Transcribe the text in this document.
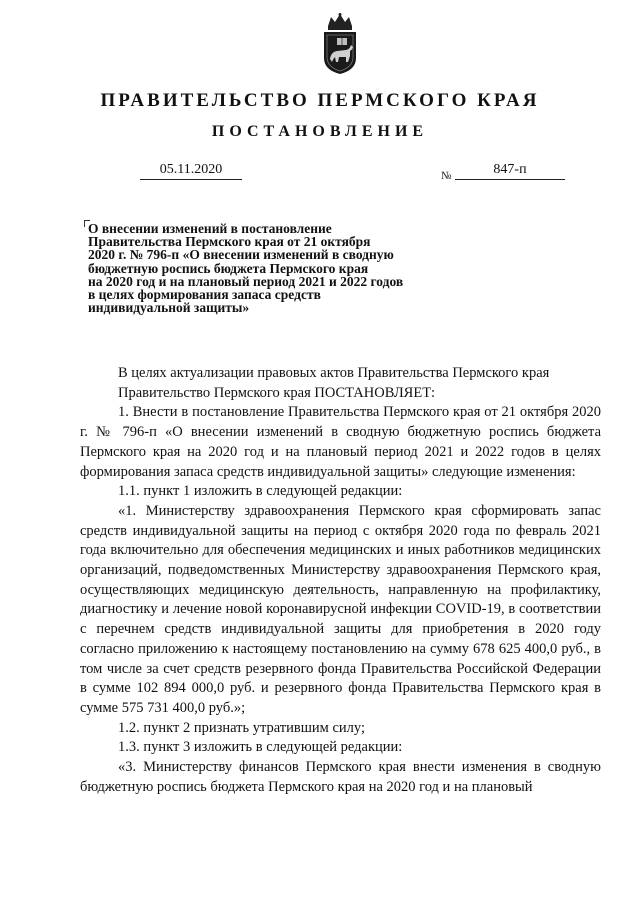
ПРАВИТЕЛЬСТВО ПЕРМСКОГО КРАЯ
ПОСТАНОВЛЕНИЕ
05.11.2020	№	847-п
О внесении изменений в постановление
Правительства Пермского края от 21 октября
2020 г. № 796-п «О внесении изменений в сводную
бюджетную роспись бюджета Пермского края
на 2020 год и на плановый период 2021 и 2022 годов
в целях формирования запаса средств
индивидуальной защиты»

В целях актуализации правовых актов Правительства Пермского края

Правительство Пермского края ПОСТАНОВЛЯЕТ:

1. Внести в постановление Правительства Пермского края от 21 октября 2020 г. № 796-п «О внесении изменений в сводную бюджетную роспись бюджета Пермского края на 2020 год и на плановый период 2021 и 2022 годов в целях формирования запаса средств индивидуальной защиты» следующие изменения:

1.1. пункт 1 изложить в следующей редакции:

«1. Министерству здравоохранения Пермского края сформировать запас средств индивидуальной защиты на период с октября 2020 года по февраль 2021 года включительно для обеспечения медицинских и иных работников медицинских организаций, подведомственных Министерству здравоохранения Пермского края, осуществляющих медицинскую деятельность, направленную на профилактику, диагностику и лечение новой коронавирусной инфекции COVID-19, в соответствии с перечнем средств индивидуальной защиты для приобретения в 2020 году согласно приложению к настоящему постановлению на сумму 678 625 400,0 руб., в том числе за счет средств резервного фонда Правительства Российской Федерации в сумме 102 894 000,0 руб. и резервного фонда Правительства Пермского края в сумме 575 731 400,0 руб.»;

1.2. пункт 2 признать утратившим силу;

1.3. пункт 3 изложить в следующей редакции:

«3. Министерству финансов Пермского края внести изменения в сводную бюджетную роспись бюджета Пермского края на 2020 год и на плановый
